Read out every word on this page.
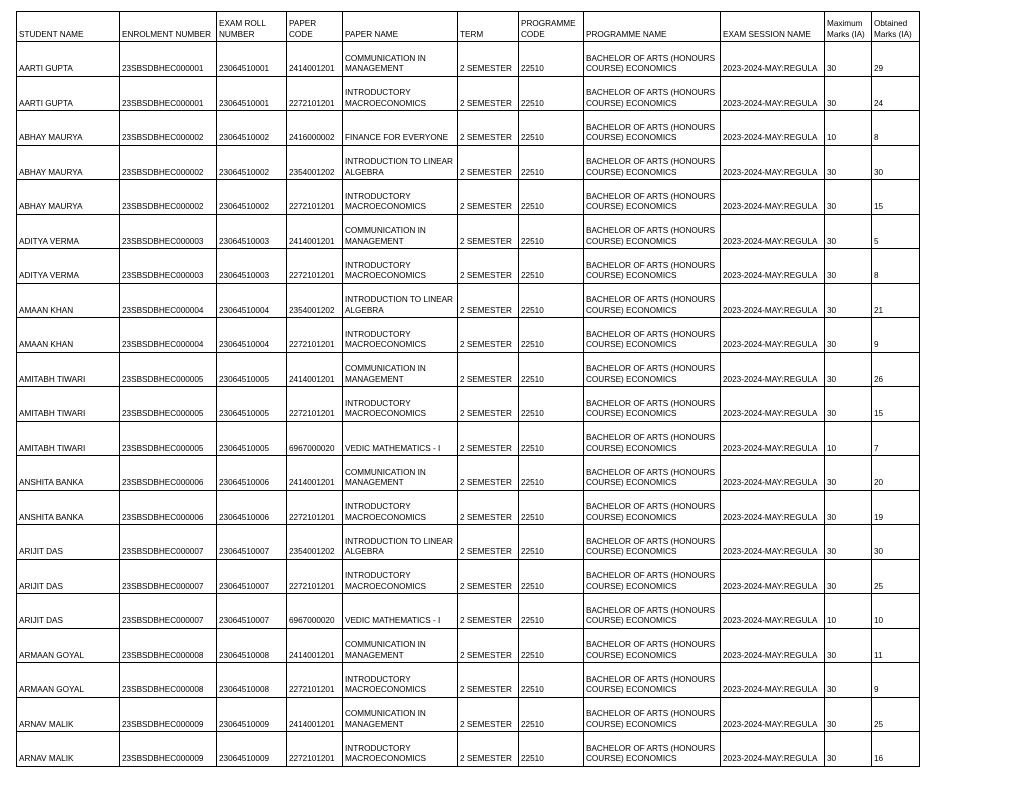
STUDENT NAME	ENROLMENT NUMBER	EXAM ROLL NUMBER	PAPER CODE	PAPER NAME	TERM	PROGRAMME CODE	PROGRAMME NAME	EXAM SESSION NAME	Maximum Marks (IA)	Obtained Marks (IA)
AARTI GUPTA	23SBSDBHEC000001	23064510001	2414001201	COMMUNICATION IN MANAGEMENT	2 SEMESTER	22510	BACHELOR OF ARTS (HONOURS COURSE) ECONOMICS	2023-2024-MAY:REGULA	30	29
AARTI GUPTA	23SBSDBHEC000001	23064510001	2272101201	INTRODUCTORY MACROECONOMICS	2 SEMESTER	22510	BACHELOR OF ARTS (HONOURS COURSE) ECONOMICS	2023-2024-MAY:REGULA	30	24
ABHAY MAURYA	23SBSDBHEC000002	23064510002	2416000002	FINANCE FOR EVERYONE	2 SEMESTER	22510	BACHELOR OF ARTS (HONOURS COURSE) ECONOMICS	2023-2024-MAY:REGULA	10	8
ABHAY MAURYA	23SBSDBHEC000002	23064510002	2354001202	INTRODUCTION TO LINEAR ALGEBRA	2 SEMESTER	22510	BACHELOR OF ARTS (HONOURS COURSE) ECONOMICS	2023-2024-MAY:REGULA	30	30
ABHAY MAURYA	23SBSDBHEC000002	23064510002	2272101201	INTRODUCTORY MACROECONOMICS	2 SEMESTER	22510	BACHELOR OF ARTS (HONOURS COURSE) ECONOMICS	2023-2024-MAY:REGULA	30	15
ADITYA VERMA	23SBSDBHEC000003	23064510003	2414001201	COMMUNICATION IN MANAGEMENT	2 SEMESTER	22510	BACHELOR OF ARTS (HONOURS COURSE) ECONOMICS	2023-2024-MAY:REGULA	30	5
ADITYA VERMA	23SBSDBHEC000003	23064510003	2272101201	INTRODUCTORY MACROECONOMICS	2 SEMESTER	22510	BACHELOR OF ARTS (HONOURS COURSE) ECONOMICS	2023-2024-MAY:REGULA	30	8
AMAAN KHAN	23SBSDBHEC000004	23064510004	2354001202	INTRODUCTION TO LINEAR ALGEBRA	2 SEMESTER	22510	BACHELOR OF ARTS (HONOURS COURSE) ECONOMICS	2023-2024-MAY:REGULA	30	21
AMAAN KHAN	23SBSDBHEC000004	23064510004	2272101201	INTRODUCTORY MACROECONOMICS	2 SEMESTER	22510	BACHELOR OF ARTS (HONOURS COURSE) ECONOMICS	2023-2024-MAY:REGULA	30	9
AMITABH TIWARI	23SBSDBHEC000005	23064510005	2414001201	COMMUNICATION IN MANAGEMENT	2 SEMESTER	22510	BACHELOR OF ARTS (HONOURS COURSE) ECONOMICS	2023-2024-MAY:REGULA	30	26
AMITABH TIWARI	23SBSDBHEC000005	23064510005	2272101201	INTRODUCTORY MACROECONOMICS	2 SEMESTER	22510	BACHELOR OF ARTS (HONOURS COURSE) ECONOMICS	2023-2024-MAY:REGULA	30	15
AMITABH TIWARI	23SBSDBHEC000005	23064510005	6967000020	VEDIC MATHEMATICS - I	2 SEMESTER	22510	BACHELOR OF ARTS (HONOURS COURSE) ECONOMICS	2023-2024-MAY:REGULA	10	7
ANSHITA BANKA	23SBSDBHEC000006	23064510006	2414001201	COMMUNICATION IN MANAGEMENT	2 SEMESTER	22510	BACHELOR OF ARTS (HONOURS COURSE) ECONOMICS	2023-2024-MAY:REGULA	30	20
ANSHITA BANKA	23SBSDBHEC000006	23064510006	2272101201	INTRODUCTORY MACROECONOMICS	2 SEMESTER	22510	BACHELOR OF ARTS (HONOURS COURSE) ECONOMICS	2023-2024-MAY:REGULA	30	19
ARIJIT DAS	23SBSDBHEC000007	23064510007	2354001202	INTRODUCTION TO LINEAR ALGEBRA	2 SEMESTER	22510	BACHELOR OF ARTS (HONOURS COURSE) ECONOMICS	2023-2024-MAY:REGULA	30	30
ARIJIT DAS	23SBSDBHEC000007	23064510007	2272101201	INTRODUCTORY MACROECONOMICS	2 SEMESTER	22510	BACHELOR OF ARTS (HONOURS COURSE) ECONOMICS	2023-2024-MAY:REGULA	30	25
ARIJIT DAS	23SBSDBHEC000007	23064510007	6967000020	VEDIC MATHEMATICS - I	2 SEMESTER	22510	BACHELOR OF ARTS (HONOURS COURSE) ECONOMICS	2023-2024-MAY:REGULA	10	10
ARMAAN GOYAL	23SBSDBHEC000008	23064510008	2414001201	COMMUNICATION IN MANAGEMENT	2 SEMESTER	22510	BACHELOR OF ARTS (HONOURS COURSE) ECONOMICS	2023-2024-MAY:REGULA	30	11
ARMAAN GOYAL	23SBSDBHEC000008	23064510008	2272101201	INTRODUCTORY MACROECONOMICS	2 SEMESTER	22510	BACHELOR OF ARTS (HONOURS COURSE) ECONOMICS	2023-2024-MAY:REGULA	30	9
ARNAV MALIK	23SBSDBHEC000009	23064510009	2414001201	COMMUNICATION IN MANAGEMENT	2 SEMESTER	22510	BACHELOR OF ARTS (HONOURS COURSE) ECONOMICS	2023-2024-MAY:REGULA	30	25
ARNAV MALIK	23SBSDBHEC000009	23064510009	2272101201	INTRODUCTORY MACROECONOMICS	2 SEMESTER	22510	BACHELOR OF ARTS (HONOURS COURSE) ECONOMICS	2023-2024-MAY:REGULA	30	16
